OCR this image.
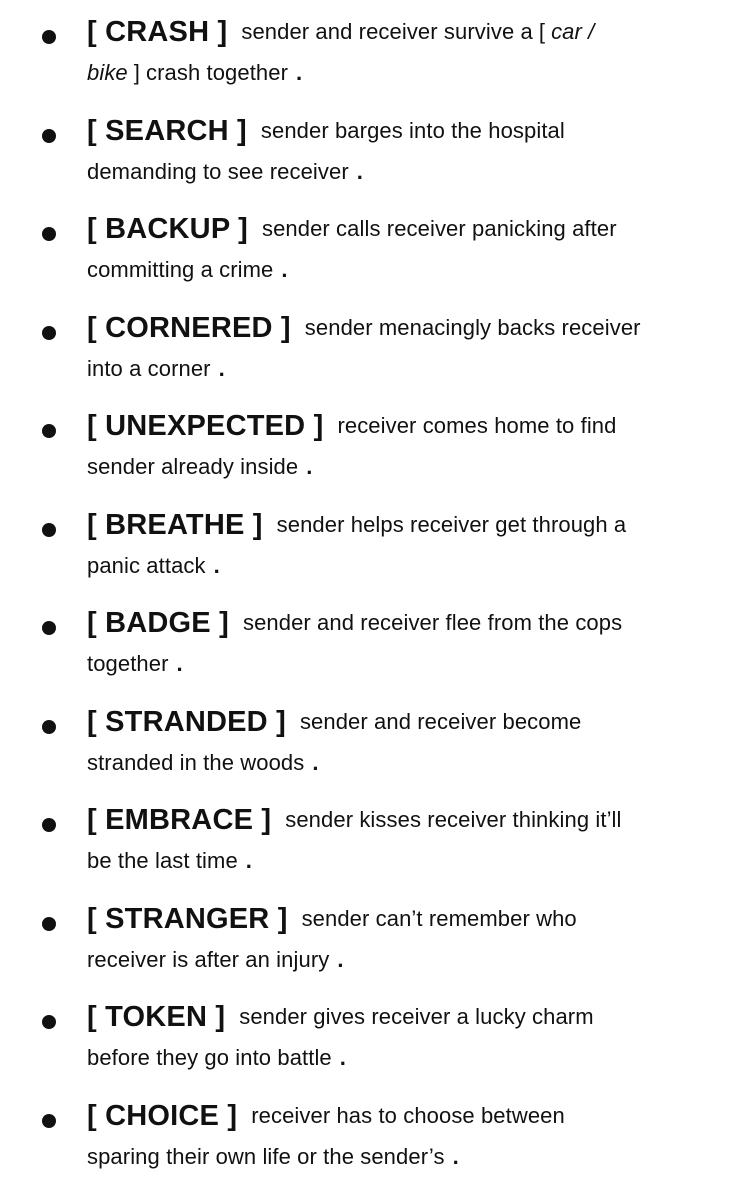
[ CRASH ] sender and receiver survive a [ car /
bike ] crash together .
[ SEARCH ] sender barges into the hospital
demanding to see receiver .
[ BACKUP ] sender calls receiver panicking after
committing a crime .
[ CORNERED ] sender menacingly backs receiver
into a corner .
[ UNEXPECTED ] receiver comes home to find
sender already inside .
[ BREATHE ] sender helps receiver get through a
panic attack .
[ BADGE ] sender and receiver flee from the cops
together .
[ STRANDED ] sender and receiver become
stranded in the woods .
[ EMBRACE ] sender kisses receiver thinking it’ll
be the last time .
[ STRANGER ] sender can’t remember who
receiver is after an injury .
[ TOKEN ] sender gives receiver a lucky charm
before they go into battle .
[ CHOICE ] receiver has to choose between
sparing their own life or the sender’s .
